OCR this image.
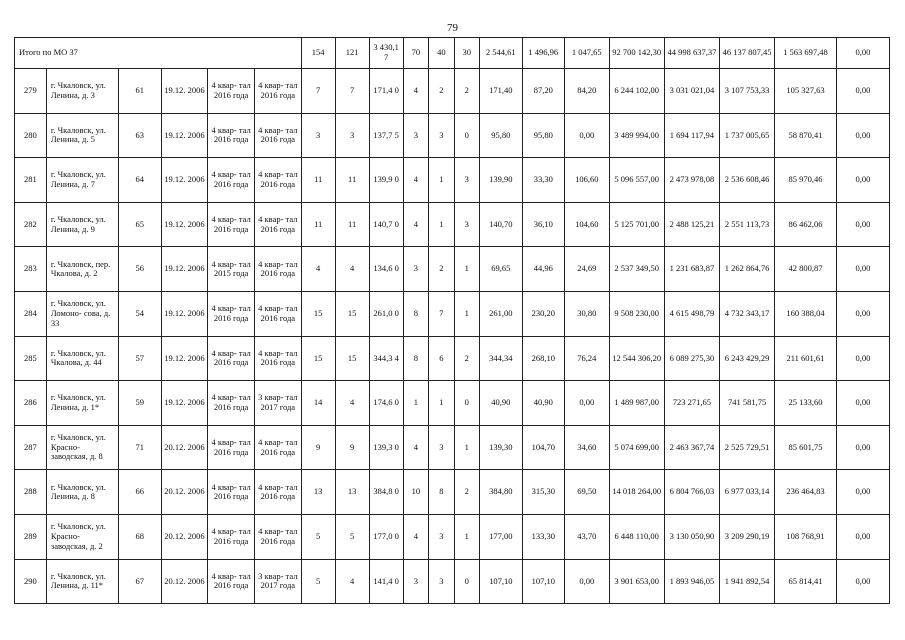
79
Итого по МО 37						154	121	3 430,1 7	70	40	30	2 544,61	1 496,96	1 047,65	92 700 142,30	44 998 637,37	46 137 807,45	1 563 697,48	0,00
279	г. Чкаловск, ул. Ленина, д. 3	61	19.12. 2006	4 квар- тал 2016 года	4 квар- тал 2016 года	7	7	171,4 0	4	2	2	171,40	87,20	84,20	6 244 102,00	3 031 021,04	3 107 753,33	105 327,63	0,00
280	г. Чкаловск, ул. Ленина, д. 5	63	19.12. 2006	4 квар- тал 2016 года	4 квар- тал 2016 года	3	3	137,7 5	3	3	0	95,80	95,80	0,00	3 489 994,00	1 694 117,94	1 737 005,65	58 870,41	0,00
281	г. Чкаловск, ул. Ленина, д. 7	64	19.12. 2006	4 квар- тал 2016 года	4 квар- тал 2016 года	11	11	139,9 0	4	1	3	139,90	33,30	106,60	5 096 557,00	2 473 978,08	2 536 608,46	85 970,46	0,00
282	г. Чкаловск, ул. Ленина, д. 9	65	19.12. 2006	4 квар- тал 2016 года	4 квар- тал 2016 года	11	11	140,7 0	4	1	3	140,70	36,10	104,60	5 125 701,00	2 488 125,21	2 551 113,73	86 462,06	0,00
283	г. Чкаловск, пер. Чкалова, д. 2	56	19.12. 2006	4 квар- тал 2015 года	4 квар- тал 2016 года	4	4	134,6 0	3	2	1	69,65	44,96	24,69	2 537 349,50	1 231 683,87	1 262 864,76	42 800,87	0,00
284	г. Чкаловск, ул. Ломоно- сова, д. 33	54	19.12. 2006	4 квар- тал 2016 года	4 квар- тал 2016 года	15	15	261,0 0	8	7	1	261,00	230,20	30,80	9 508 230,00	4 615 498,79	4 732 343,17	160 388,04	0,00
285	г. Чкаловск, ул. Чкалова, д. 44	57	19.12. 2006	4 квар- тал 2016 года	4 квар- тал 2016 года	15	15	344,3 4	8	6	2	344,34	268,10	76,24	12 544 306,20	6 089 275,30	6 243 429,29	211 601,61	0,00
286	г. Чкаловск, ул. Ленина, д. 1*	59	19.12. 2006	4 квар- тал 2016 года	3 квар- тал 2017 года	14	4	174,6 0	1	1	0	40,90	40,90	0,00	1 489 987,00	723 271,65	741 581,75	25 133,60	0,00
287	г. Чкаловск, ул. Красно- заводская, д. 8	71	20.12. 2006	4 квар- тал 2016 года	4 квар- тал 2016 года	9	9	139,3 0	4	3	1	139,30	104,70	34,60	5 074 699,00	2 463 367,74	2 525 729,51	85 601,75	0,00
288	г. Чкаловск, ул. Ленина, д. 8	66	20.12. 2006	4 квар- тал 2016 года	4 квар- тал 2016 года	13	13	384,8 0	10	8	2	384,80	315,30	69,50	14 018 264,00	6 804 766,03	6 977 033,14	236 464,83	0,00
289	г. Чкаловск, ул. Красно- заводская, д. 2	68	20.12. 2006	4 квар- тал 2016 года	4 квар- тал 2016 года	5	5	177,0 0	4	3	1	177,00	133,30	43,70	6 448 110,00	3 130 050,90	3 209 290,19	108 768,91	0,00
290	г. Чкаловск, ул. Ленина, д. 11*	67	20.12. 2006	4 квар- тал 2016 года	3 квар- тал 2017 года	5	4	141,4 0	3	3	0	107,10	107,10	0,00	3 901 653,00	1 893 946,05	1 941 892,54	65 814,41	0,00
